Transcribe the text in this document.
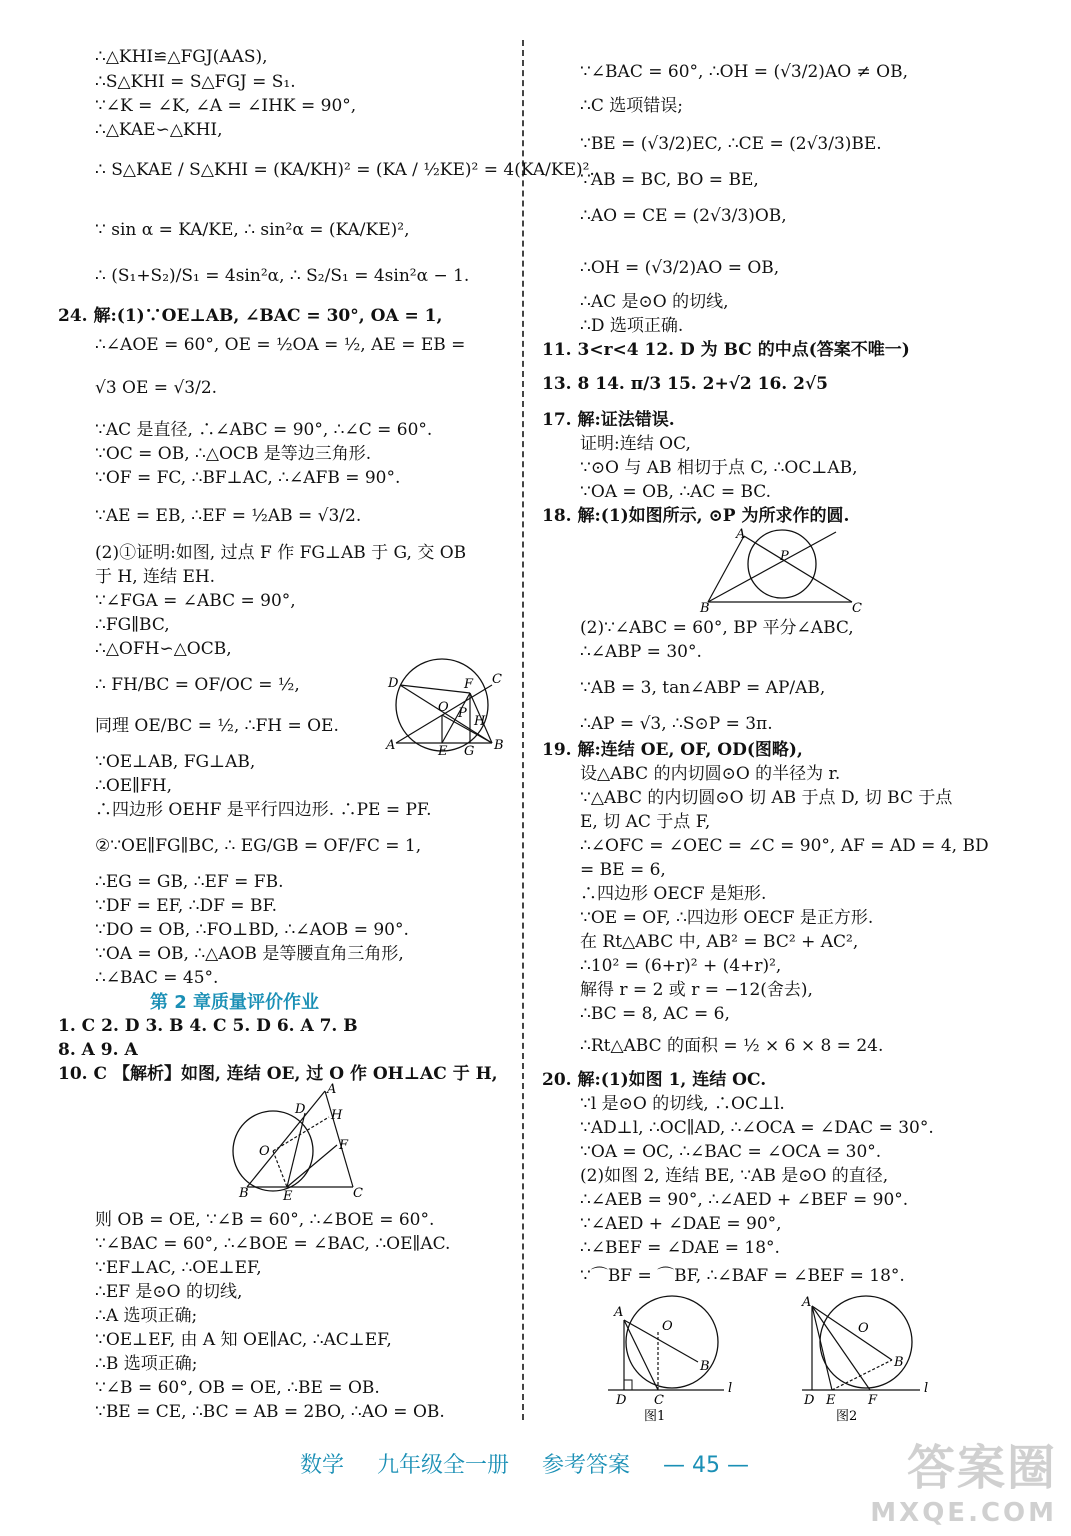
∴△KHI≌△FGJ(AAS),
∴S△KHI = S△FGJ = S₁.
∵∠K = ∠K, ∠A = ∠IHK = 90°,
∴△KAE∽△KHI,
∴ S△KAE / S△KHI = (KA/KH)² = (KA / ½KE)² = 4(KA/KE)².
∵ sin α = KA/KE, ∴ sin²α = (KA/KE)²,
∴ (S₁+S₂)/S₁ = 4sin²α, ∴ S₂/S₁ = 4sin²α − 1.
24. 解:(1)∵OE⊥AB, ∠BAC = 30°, OA = 1,
∴∠AOE = 60°, OE = ½OA = ½, AE = EB =
√3 OE = √3/2.
∵AC 是直径, ∴∠ABC = 90°, ∴∠C = 60°.
∵OC = OB, ∴△OCB 是等边三角形.
∵OF = FC, ∴BF⊥AC, ∴∠AFB = 90°.
∵AE = EB, ∴EF = ½AB = √3/2.
(2)①证明:如图, 过点 F 作 FG⊥AB 于 G, 交 OB
于 H, 连结 EH.
∵∠FGA = ∠ABC = 90°,
∴FG∥BC,
∴△OFH∽△OCB,
∴ FH/BC = OF/OC = ½,
同理 OE/BC = ½, ∴FH = OE.
∵OE⊥AB, FG⊥AB,
∴OE∥FH,
∴四边形 OEHF 是平行四边形. ∴PE = PF.
②∵OE∥FG∥BC, ∴ EG/GB = OF/FC = 1,
∴EG = GB, ∴EF = FB.
∵DF = EF, ∴DF = BF.
∵DO = OB, ∴FO⊥BD, ∴∠AOB = 90°.
∵OA = OB, ∴△AOB 是等腰直角三角形,
∴∠BAC = 45°.
第 2 章质量评价作业
1. C 2. D 3. B 4. C 5. D 6. A 7. B
8. A 9. A
10. C 【解析】如图, 连结 OE, 过 O 作 OH⊥AC 于 H,
则 OB = OE, ∵∠B = 60°, ∴∠BOE = 60°.
∵∠BAC = 60°, ∴∠BOE = ∠BAC, ∴OE∥AC.
∵EF⊥AC, ∴OE⊥EF,
∴EF 是⊙O 的切线,
∴A 选项正确;
∵OE⊥EF, 由 A 知 OE∥AC, ∴AC⊥EF,
∴B 选项正确;
∵∠B = 60°, OB = OE, ∴BE = OB.
∵BE = CE, ∴BC = AB = 2BO, ∴AO = OB.
D	C
F
O P
H
A	E G B
A
D H
F
O
B	E	C
∵∠BAC = 60°, ∴OH = (√3/2)AO ≠ OB,
∴C 选项错误;
∵BE = (√3/2)EC, ∴CE = (2√3/3)BE.
∵AB = BC, BO = BE,
∴AO = CE = (2√3/3)OB,
∴OH = (√3/2)AO = OB,
∴AC 是⊙O 的切线,
∴D 选项正确.
11. 3<r<4 12. D 为 BC 的中点(答案不唯一)
13. 8 14. π/3 15. 2+√2 16. 2√5
17. 解:证法错误.
证明:连结 OC,
∵⊙O 与 AB 相切于点 C, ∴OC⊥AB,
∵OA = OB, ∴AC = BC.
18. 解:(1)如图所示, ⊙P 为所求作的圆.
(2)∵∠ABC = 60°, BP 平分∠ABC,
∴∠ABP = 30°.
∵AB = 3, tan∠ABP = AP/AB,
∴AP = √3, ∴S⊙P = 3π.
19. 解:连结 OE, OF, OD(图略),
设△ABC 的内切圆⊙O 的半径为 r.
∵△ABC 的内切圆⊙O 切 AB 于点 D, 切 BC 于点
E, 切 AC 于点 F,
∴∠OFC = ∠OEC = ∠C = 90°, AF = AD = 4, BD
= BE = 6,
∴四边形 OECF 是矩形.
∵OE = OF, ∴四边形 OECF 是正方形.
在 Rt△ABC 中, AB² = BC² + AC²,
∴10² = (6+r)² + (4+r)²,
解得 r = 2 或 r = −12(舍去),
∴BC = 8, AC = 6,
∴Rt△ABC 的面积 = ½ × 6 × 8 = 24.
20. 解:(1)如图 1, 连结 OC.
∵l 是⊙O 的切线, ∴OC⊥l.
∵AD⊥l, ∴OC∥AD, ∴∠OCA = ∠DAC = 30°.
∵OA = OC, ∴∠BAC = ∠OCA = 30°.
(2)如图 2, 连结 BE, ∵AB 是⊙O 的直径,
∴∠AEB = 90°, ∴∠AED + ∠BEF = 90°.
∵∠AED + ∠DAE = 90°,
∴∠BEF = ∠DAE = 18°.
∵⌒BF = ⌒BF, ∴∠BAF = ∠BEF = 18°.
A
P
B	C
A
O
B
D C
l
图1
A
O
B
D E	F
l
图2
数学 九年级全一册 参考答案 — 45 —	答案圈
MXQE.COM
